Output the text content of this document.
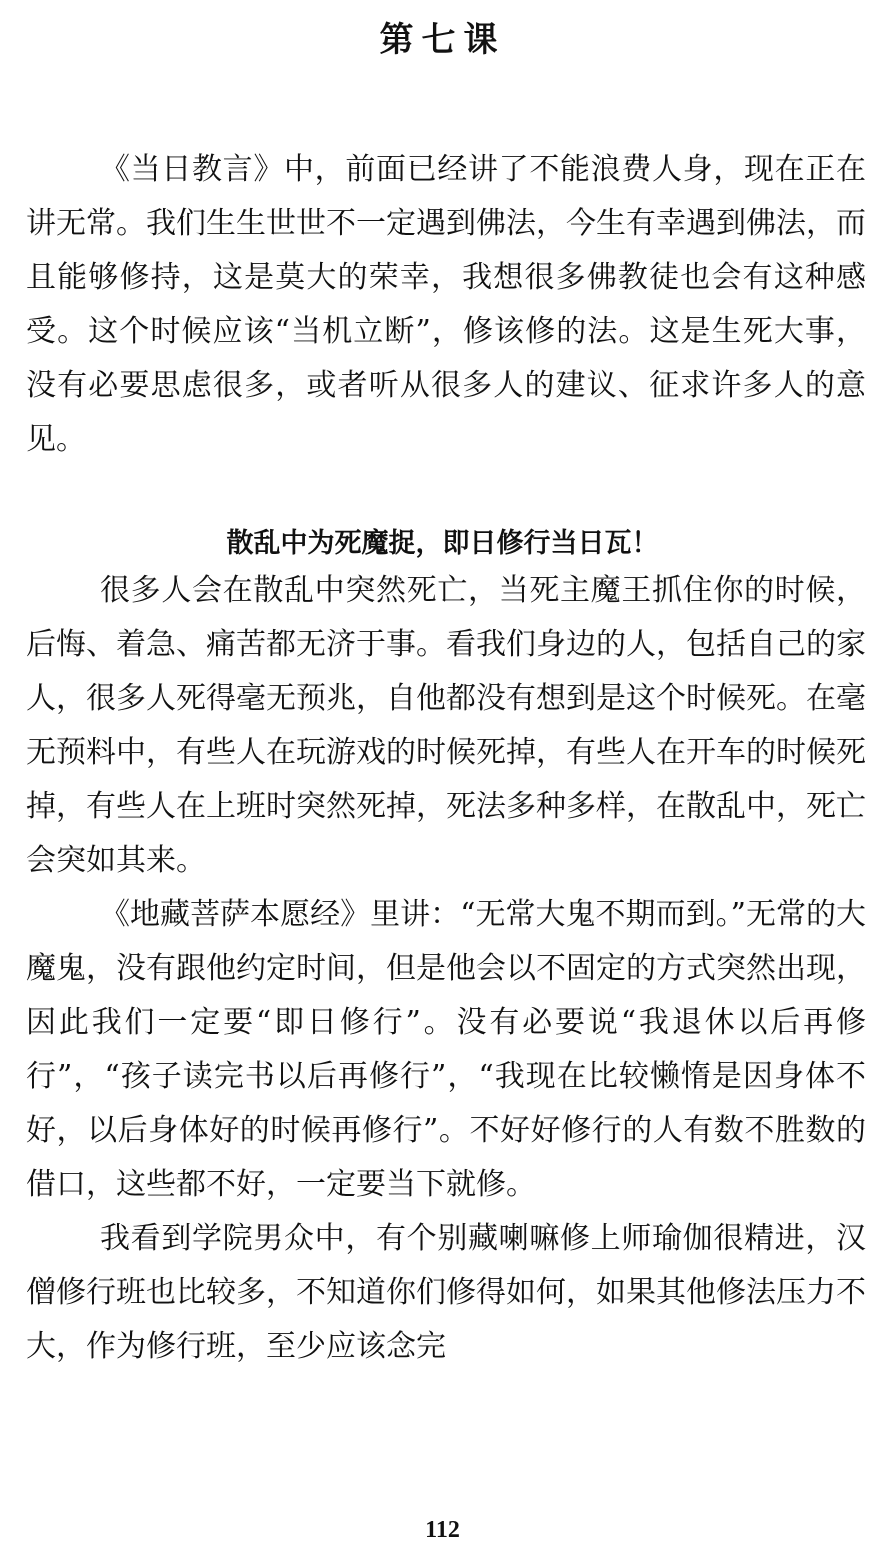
第七课

《当日教言》中，前面已经讲了不能浪费人身，现在正在讲无常。我们生生世世不一定遇到佛法，今生有幸遇到佛法，而且能够修持，这是莫大的荣幸，我想很多佛教徒也会有这种感受。这个时候应该“当机立断”，修该修的法。这是生死大事，没有必要思虑很多，或者听从很多人的建议、征求许多人的意见。

散乱中为死魔捉，即日修行当日瓦！

很多人会在散乱中突然死亡，当死主魔王抓住你的时候，后悔、着急、痛苦都无济于事。看我们身边的人，包括自己的家人，很多人死得毫无预兆，自他都没有想到是这个时候死。在毫无预料中，有些人在玩游戏的时候死掉，有些人在开车的时候死掉，有些人在上班时突然死掉，死法多种多样，在散乱中，死亡会突如其来。

《地藏菩萨本愿经》里讲：“无常大鬼不期而到。”无常的大魔鬼，没有跟他约定时间，但是他会以不固定的方式突然出现，因此我们一定要“即日修行”。没有必要说“我退休以后再修行”，“孩子读完书以后再修行”，“我现在比较懒惰是因身体不好，以后身体好的时候再修行”。不好好修行的人有数不胜数的借口，这些都不好，一定要当下就修。

我看到学院男众中，有个别藏喇嘛修上师瑜伽很精进，汉僧修行班也比较多，不知道你们修得如何，如果其他修法压力不大，作为修行班，至少应该念完

112
